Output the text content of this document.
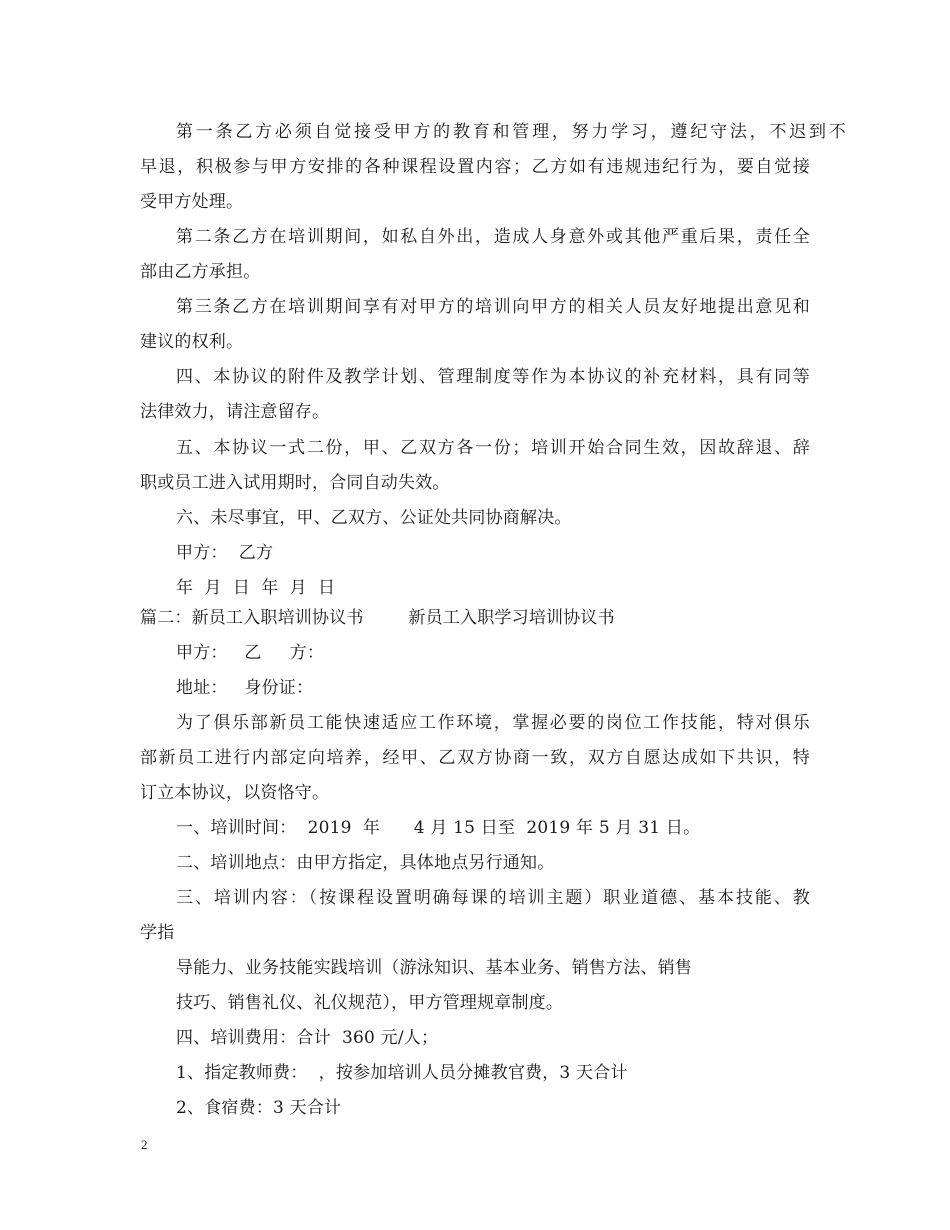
第一条乙方必须自觉接受甲方的教育和管理，努力学习，遵纪守法，不迟到不
早退，积极参与甲方安排的各种课程设置内容；乙方如有违规违纪行为，要自觉接
受甲方处理。
第二条乙方在培训期间，如私自外出，造成人身意外或其他严重后果，责任全
部由乙方承担。
第三条乙方在培训期间享有对甲方的培训向甲方的相关人员友好地提出意见和
建议的权利。
四、本协议的附件及教学计划、管理制度等作为本协议的补充材料，具有同等
法律效力，请注意留存。
五、本协议一式二份，甲、乙双方各一份；培训开始合同生效，因故辞退、辞
职或员工进入试用期时，合同自动失效。
六、未尽事宜，甲、乙双方、公证处共同协商解决。
甲方：  乙方
年  月  日  年  月  日
篇二：新员工入职培训协议书        新员工入职学习培训协议书
甲方：   乙     方：
地址：   身份证：
为了俱乐部新员工能快速适应工作环境，掌握必要的岗位工作技能，特对俱乐
部新员工进行内部定向培养，经甲、乙双方协商一致，双方自愿达成如下共识，特
订立本协议，以资恪守。
一、培训时间：  2019  年      4 月 15 日至  2019 年 5 月 31 日。
二、培训地点：由甲方指定，具体地点另行通知。
三、培训内容：（按课程设置明确每课的培训主题）职业道德、基本技能、教
学指
导能力、业务技能实践培训（游泳知识、基本业务、销售方法、销售
技巧、销售礼仪、礼仪规范），甲方管理规章制度。
四、培训费用：合计  360 元/人；
1、指定教师费：  ，按参加培训人员分摊教官费，3 天合计
2、食宿费：3 天合计
2
